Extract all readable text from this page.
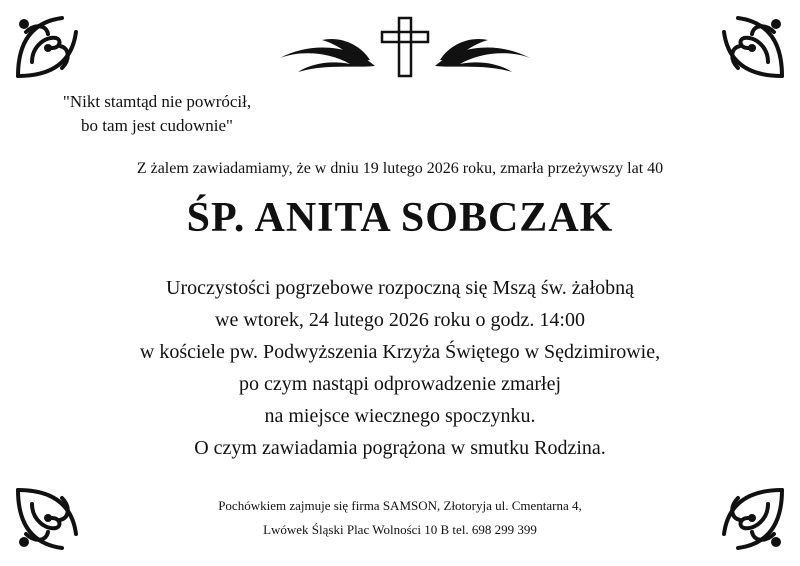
"Nikt stamtąd nie powrócił,
bo tam jest cudownie"
Z żalem zawiadamiamy, że w dniu 19 lutego 2026 roku, zmarła przeżywszy lat 40
ŚP. ANITA SOBCZAK
Uroczystości pogrzebowe rozpoczną się Mszą św. żałobną
we wtorek, 24 lutego 2026 roku o godz. 14:00
w kościele pw. Podwyższenia Krzyża Świętego w Sędzimirowie,
po czym nastąpi odprowadzenie zmarłej
na miejsce wiecznego spoczynku.
O czym zawiadamia pogrążona w smutku Rodzina.
Pochówkiem zajmuje się firma SAMSON, Złotoryja ul. Cmentarna 4,
Lwówek Śląski Plac Wolności 10 B tel. 698 299 399
